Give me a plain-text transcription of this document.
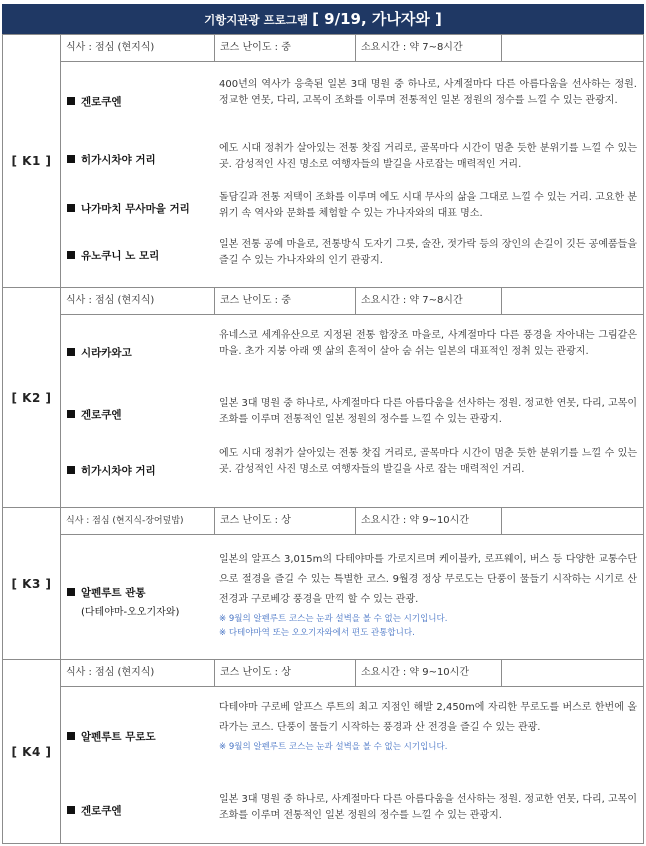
기항지관광 프로그램 [ 9/19, 가나자와 ]
[ K1 ]
식사 : 점심 (현지식)	코스 난이도 : 중	소요시간 : 약 7~8시간
겐로쿠엔
400년의 역사가 응축된 일본 3대 명원 중 하나로, 사계절마다 다른 아름다움을 선사하는 정원. 정교한 연못, 다리, 고목이 조화를 이루며 전통적인 일본 정원의 정수를 느낄 수 있는 관광지.
히가시차야 거리
에도 시대 정취가 살아있는 전통 찻집 거리로, 골목마다 시간이 멈춘 듯한 분위기를 느낄 수 있는 곳. 감성적인 사진 명소로 여행자들의 발길을 사로잡는 매력적인 거리.
나가마치 무사마을 거리
돌담길과 전통 저택이 조화를 이루며 에도 시대 무사의 삶을 그대로 느낄 수 있는 거리. 고요한 분위기 속 역사와 문화를 체험할 수 있는 가나자와의 대표 명소.
유노쿠니 노 모리
일본 전통 공예 마을로, 전통방식 도자기 그릇, 술잔, 젓가락 등의 장인의 손길이 깃든 공예품들을 즐길 수 있는 가나자와의 인기 관광지.
[ K2 ]
식사 : 점심 (현지식)	코스 난이도 : 중	소요시간 : 약 7~8시간
시라카와고
유네스코 세계유산으로 지정된 전통 합장조 마을로, 사계절마다 다른 풍경을 자아내는 그림같은 마을. 초가 지붕 아래 옛 삶의 흔적이 살아 숨 쉬는 일본의 대표적인 정취 있는 관광지.
겐로쿠엔
일본 3대 명원 중 하나로, 사계절마다 다른 아름다움을 선사하는 정원. 정교한 연못, 다리, 고목이 조화를 이루며 전통적인 일본 정원의 정수를 느낄 수 있는 관광지.
히가시차야 거리
에도 시대 정취가 살아있는 전통 찻집 거리로, 골목마다 시간이 멈춘 듯한 분위기를 느낄 수 있는 곳. 감성적인 사진 명소로 여행자들의 발길을 사로 잡는 매력적인 거리.
[ K3 ]
식사 : 점심 (현지식-장어덮밥)	코스 난이도 : 상	소요시간 : 약 9~10시간
알펜루트 관통
(다테야마-오오기자와)
일본의 알프스 3,015m의 다테야마를 가로지르며 케이블카, 로프웨이, 버스 등 다양한 교통수단으로 절경을 즐길 수 있는 특별한 코스. 9월경 정상 무로도는 단풍이 물들기 시작하는 시기로 산 전경과 구로베강 풍경을 만끽 할 수 있는 관광.
※ 9월의 알펜루트 코스는 눈과 설벽을 볼 수 없는 시기입니다.
※ 다테야마역 또는 오오기자와에서 편도 관통합니다.
[ K4 ]
식사 : 점심 (현지식)	코스 난이도 : 상	소요시간 : 약 9~10시간
알펜루트 무로도
다테야마 구로베 알프스 루트의 최고 지점인 해발 2,450m에 자리한 무로도를 버스로 한번에 올라가는 코스. 단풍이 물들기 시작하는 풍경과 산 전경을 즐길 수 있는 관광.
※ 9월의 알펜루트 코스는 눈과 설벽을 볼 수 없는 시기입니다.
겐로쿠엔
일본 3대 명원 중 하나로, 사계절마다 다른 아름다움을 선사하는 정원. 정교한 연못, 다리, 고목이 조화를 이루며 전통적인 일본 정원의 정수를 느낄 수 있는 관광지.
